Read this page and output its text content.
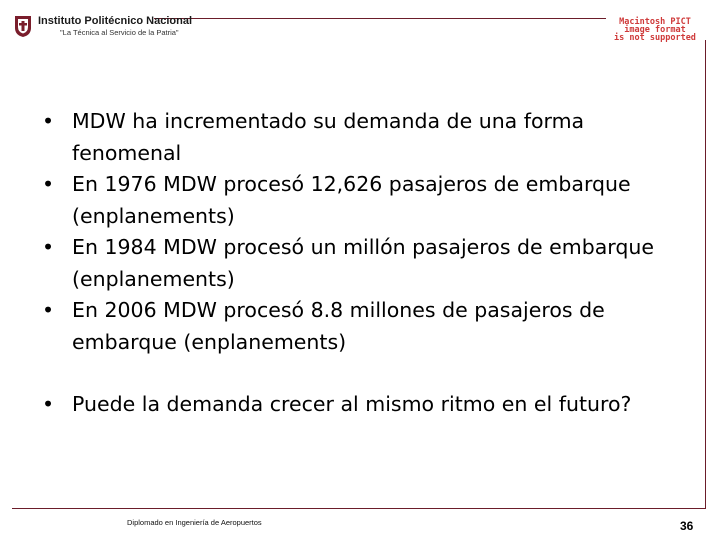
Instituto Politécnico Nacional
"La Técnica al Servicio de la Patria"
Macintosh PICT
image format
is not supported
• MDW ha incrementado su demanda de una forma fenomenal
• En 1976 MDW procesó 12,626 pasajeros de embarque (enplanements)
• En 1984 MDW procesó un millón pasajeros de embarque (enplanements)
• En 2006 MDW procesó 8.8 millones de pasajeros de embarque (enplanements)
• Puede la demanda crecer al mismo ritmo en el futuro?
Diplomado en Ingeniería de Aeropuertos	36
